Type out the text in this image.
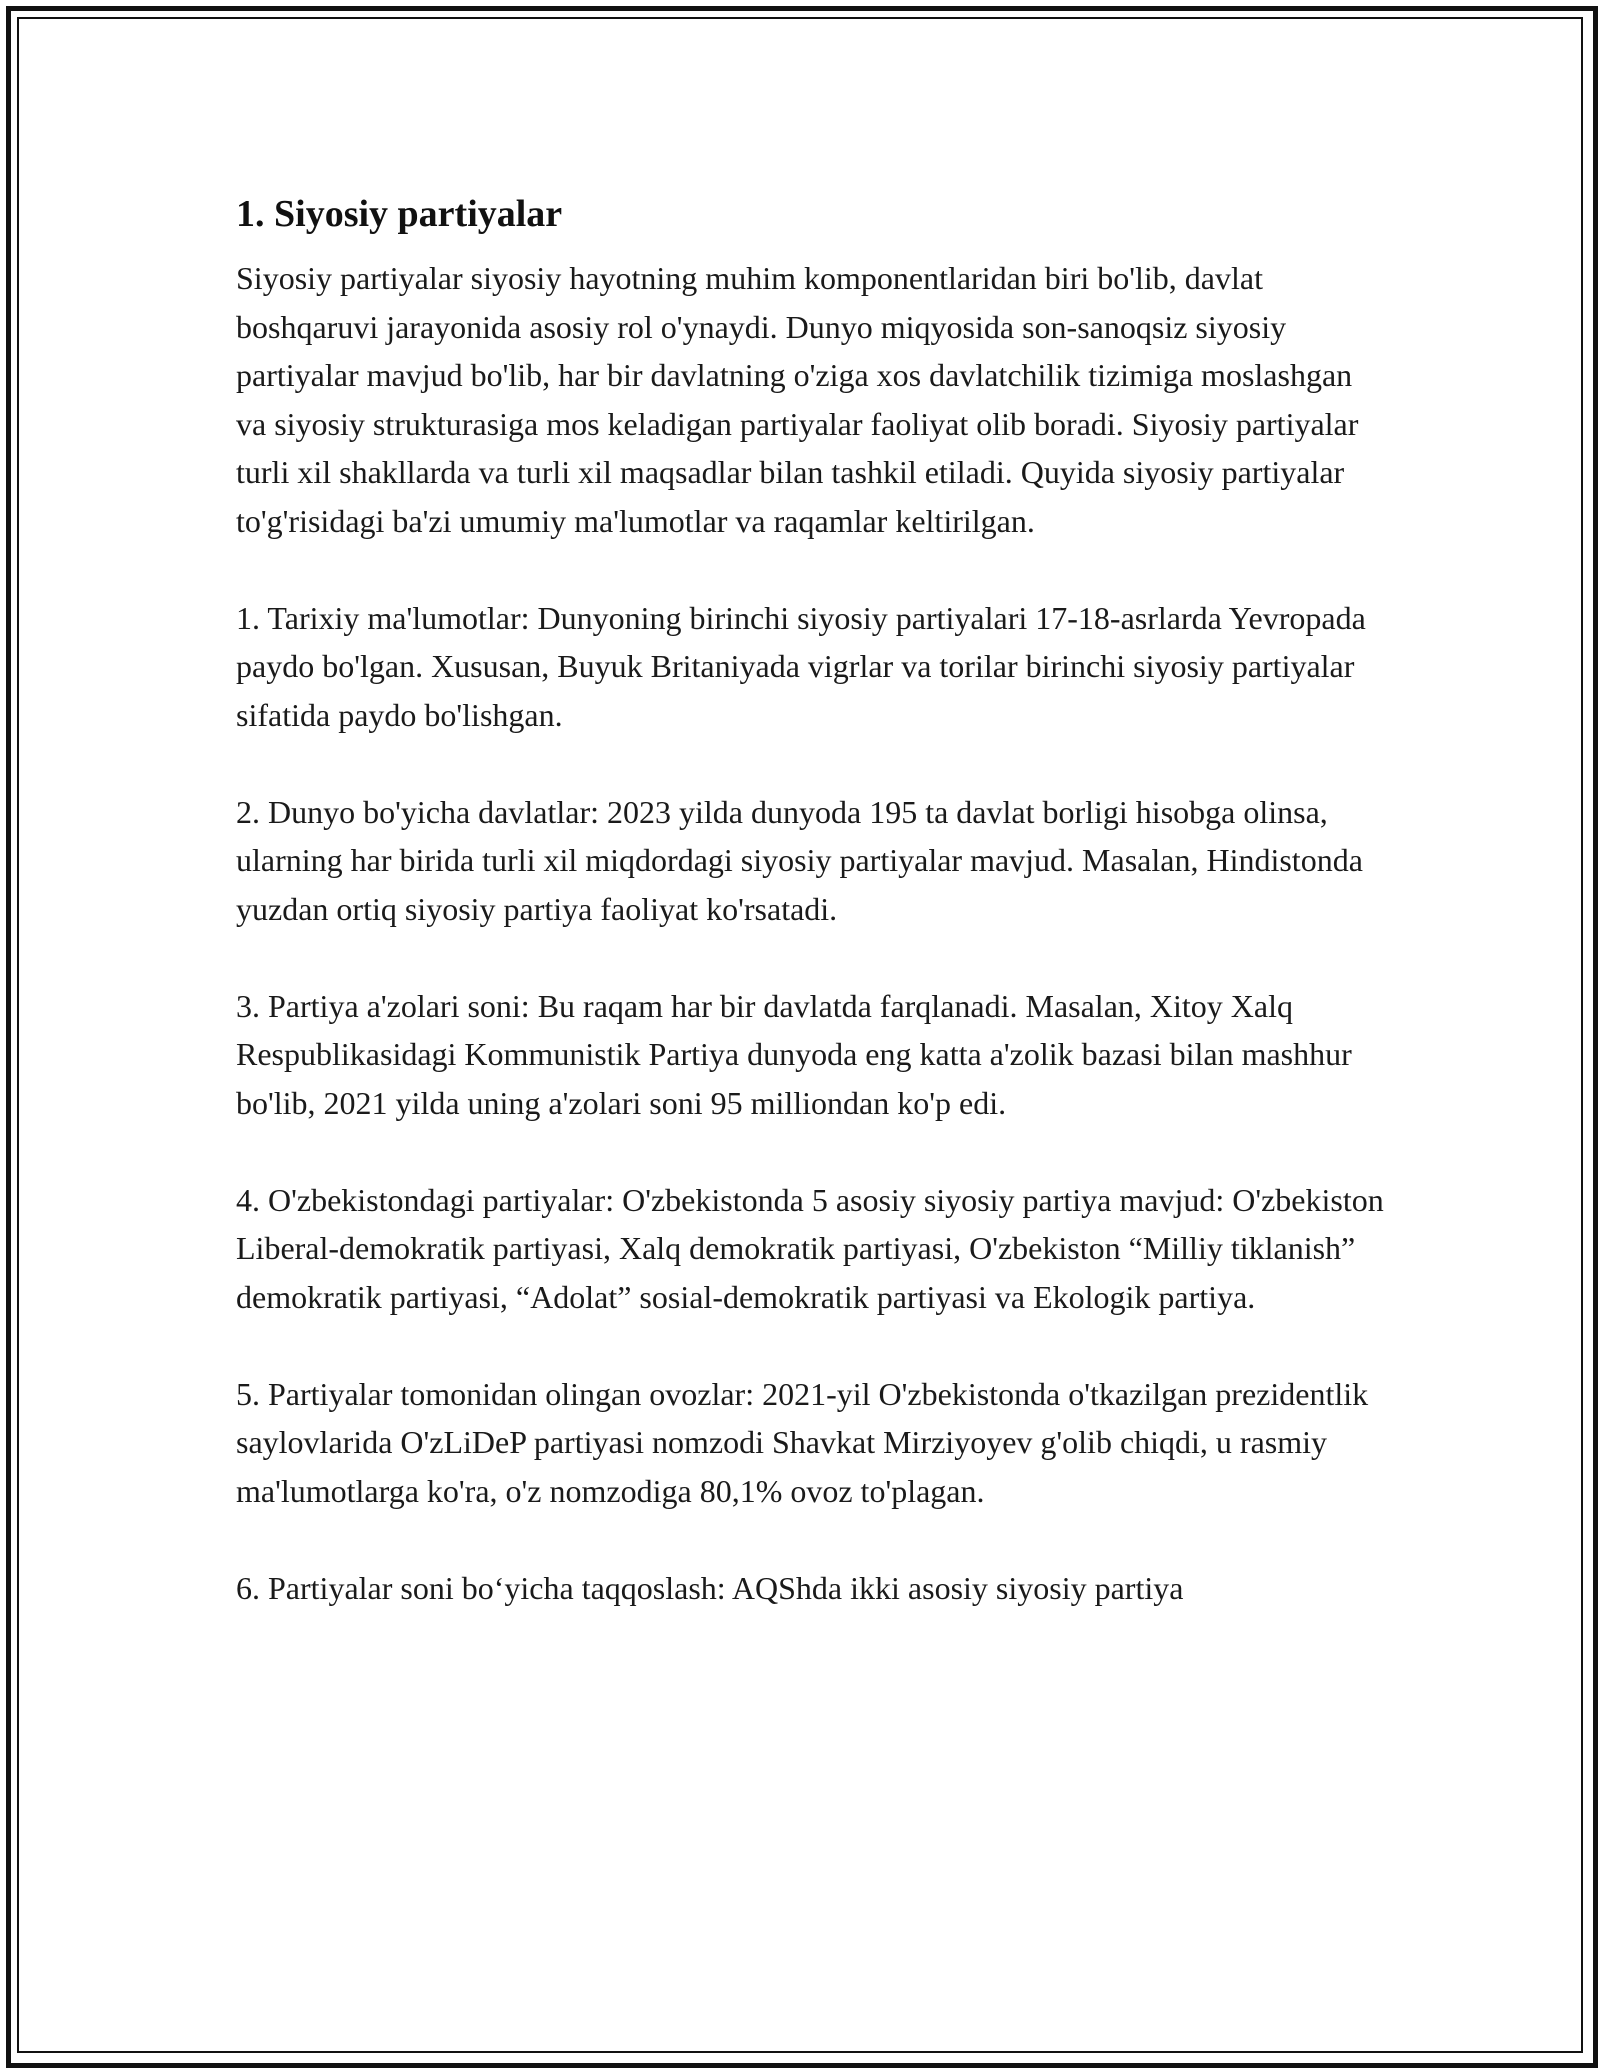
1. Siyosiy partiyalar

Siyosiy partiyalar siyosiy hayotning muhim komponentlaridan biri bo'lib, davlat boshqaruvi jarayonida asosiy rol o'ynaydi. Dunyo miqyosida son-sanoqsiz siyosiy partiyalar mavjud bo'lib, har bir davlatning o'ziga xos davlatchilik tizimiga moslashgan va siyosiy strukturasiga mos keladigan partiyalar faoliyat olib boradi. Siyosiy partiyalar turli xil shakllarda va turli xil maqsadlar bilan tashkil etiladi. Quyida siyosiy partiyalar to'g'risidagi ba'zi umumiy ma'lumotlar va raqamlar keltirilgan.

1. Tarixiy ma'lumotlar: Dunyoning birinchi siyosiy partiyalari 17-18-asrlarda Yevropada paydo bo'lgan. Xususan, Buyuk Britaniyada vigrlar va torilar birinchi siyosiy partiyalar sifatida paydo bo'lishgan.

2. Dunyo bo'yicha davlatlar: 2023 yilda dunyoda 195 ta davlat borligi hisobga olinsa, ularning har birida turli xil miqdordagi siyosiy partiyalar mavjud. Masalan, Hindistonda yuzdan ortiq siyosiy partiya faoliyat ko'rsatadi.

3. Partiya a'zolari soni: Bu raqam har bir davlatda farqlanadi. Masalan, Xitoy Xalq Respublikasidagi Kommunistik Partiya dunyoda eng katta a'zolik bazasi bilan mashhur bo'lib, 2021 yilda uning a'zolari soni 95 milliondan ko'p edi.

4. O'zbekistondagi partiyalar: O'zbekistonda 5 asosiy siyosiy partiya mavjud: O'zbekiston Liberal-demokratik partiyasi, Xalq demokratik partiyasi, O'zbekiston “Milliy tiklanish” demokratik partiyasi, “Adolat” sosial-demokratik partiyasi va Ekologik partiya.

5. Partiyalar tomonidan olingan ovozlar: 2021-yil O'zbekistonda o'tkazilgan prezidentlik saylovlarida O'zLiDeP partiyasi nomzodi Shavkat Mirziyoyev g'olib chiqdi, u rasmiy ma'lumotlarga ko'ra, o'z nomzodiga 80,1% ovoz to'plagan.

6. Partiyalar soni bo‘yicha taqqoslash: AQShda ikki asosiy siyosiy partiya
